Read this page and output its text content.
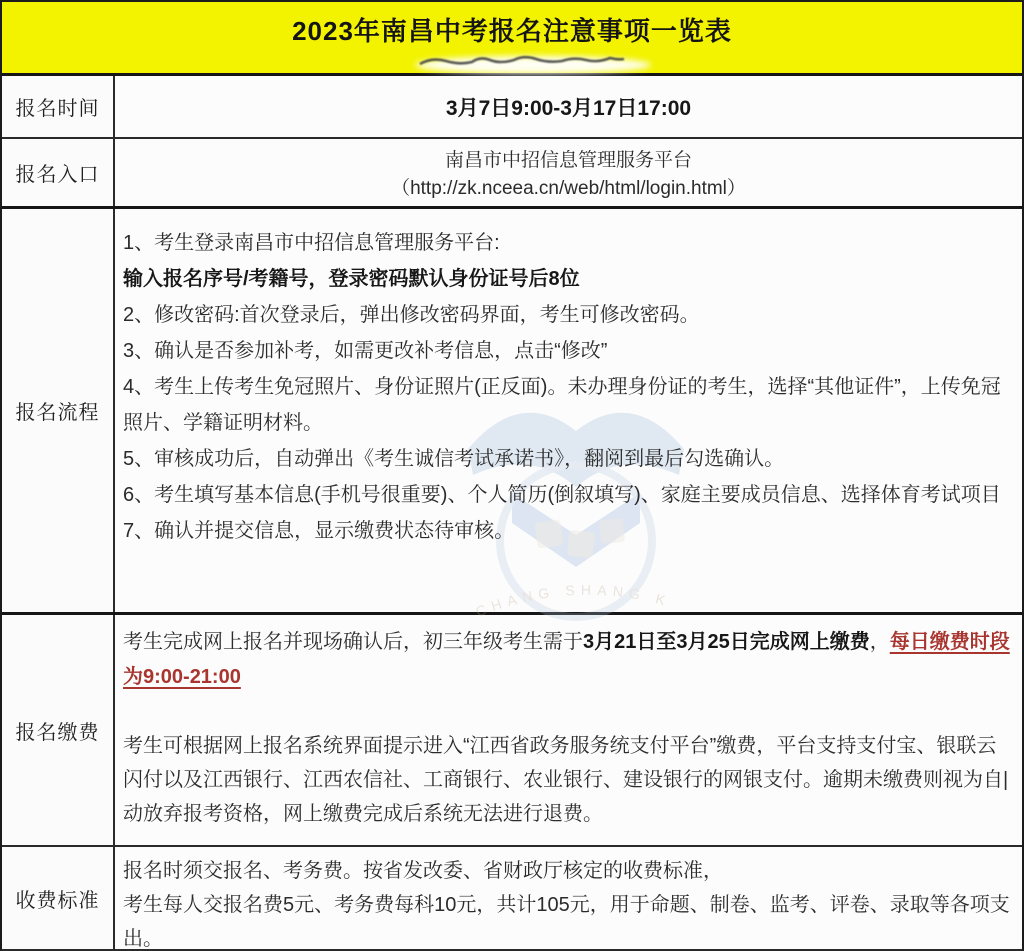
2023年南昌中考报名注意事项一览表
CHANG SHANG K
报名时间	3月7日9:00-3月17日17:00
报名入口
南昌市中招信息管理服务平台
（http://zk.nceea.cn/web/html/login.html）
报名流程

1、考生登录南昌市中招信息管理服务平台:

输入报名序号/考籍号，登录密码默认身份证号后8位

2、修改密码:首次登录后，弹出修改密码界面，考生可修改密码。

3、确认是否参加补考，如需更改补考信息，点击“修改”

4、考生上传考生免冠照片、身份证照片(正反面)。未办理身份证的考生，选择“其他证件”，上传免冠照片、学籍证明材料。

5、审核成功后，自动弹出《考生诚信考试承诺书》，翻阅到最后勾选确认。

6、考生填写基本信息(手机号很重要)、个人简历(倒叙填写)、家庭主要成员信息、选择体育考试项目

7、确认并提交信息，显示缴费状态待审核。

报名缴费

考生完成网上报名并现场确认后，初三年级考生需于3月21日至3月25日完成网上缴费，每日缴费时段为9:00-21:00

考生可根据网上报名系统界面提示进入“江西省政务服务统支付平台”缴费，平台支持支付宝、银联云闪付以及江西银行、江西农信社、工商银行、农业银行、建设银行的网银支付。逾期未缴费则视为自|动放弃报考资格，网上缴费完成后系统无法进行退费。

收费标准

报名时须交报名、考务费。按省发改委、省财政厅核定的收费标准，

考生每人交报名费5元、考务费每科10元，共计105元，用于命题、制卷、监考、评卷、录取等各项支出。
